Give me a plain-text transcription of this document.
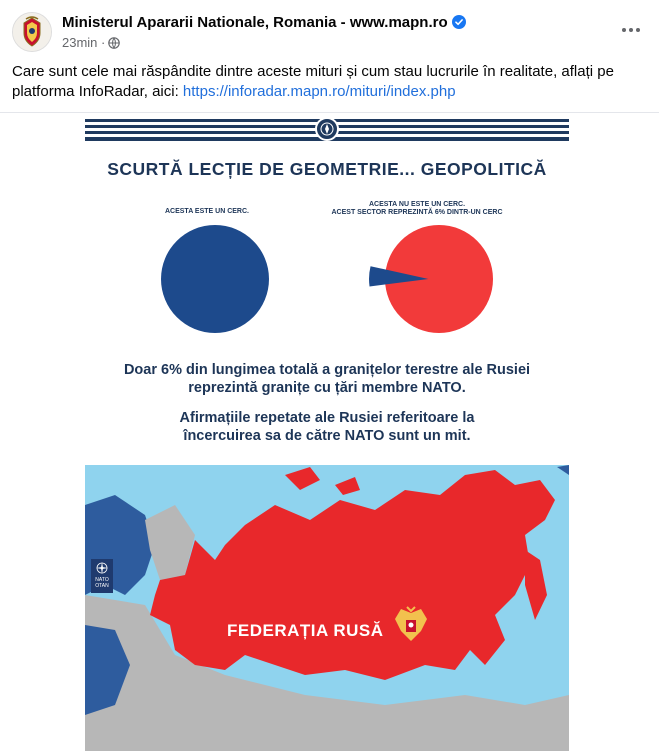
Ministerul Apararii Nationale, Romania - www.mapn.ro
23min ·
Care sunt cele mai răspândite dintre aceste mituri și cum stau lucrurile în realitate, aflați pe platforma InfoRadar, aici: https://inforadar.mapn.ro/mituri/index.php
SCURTĂ LECȚIE DE GEOMETRIE... GEOPOLITICĂ
ACESTA ESTE UN CERC.
ACESTA NU ESTE UN CERC.
ACEST SECTOR REPREZINTĂ 6% DINTR-UN CERC
Doar 6% din lungimea totală a granițelor terestre ale Rusiei
reprezintă granițe cu țări membre NATO.
Afirmațiile repetate ale Rusiei referitoare la
încercuirea sa de către NATO sunt un mit.
NATO
OTAN
FEDERAȚIA RUSĂ
